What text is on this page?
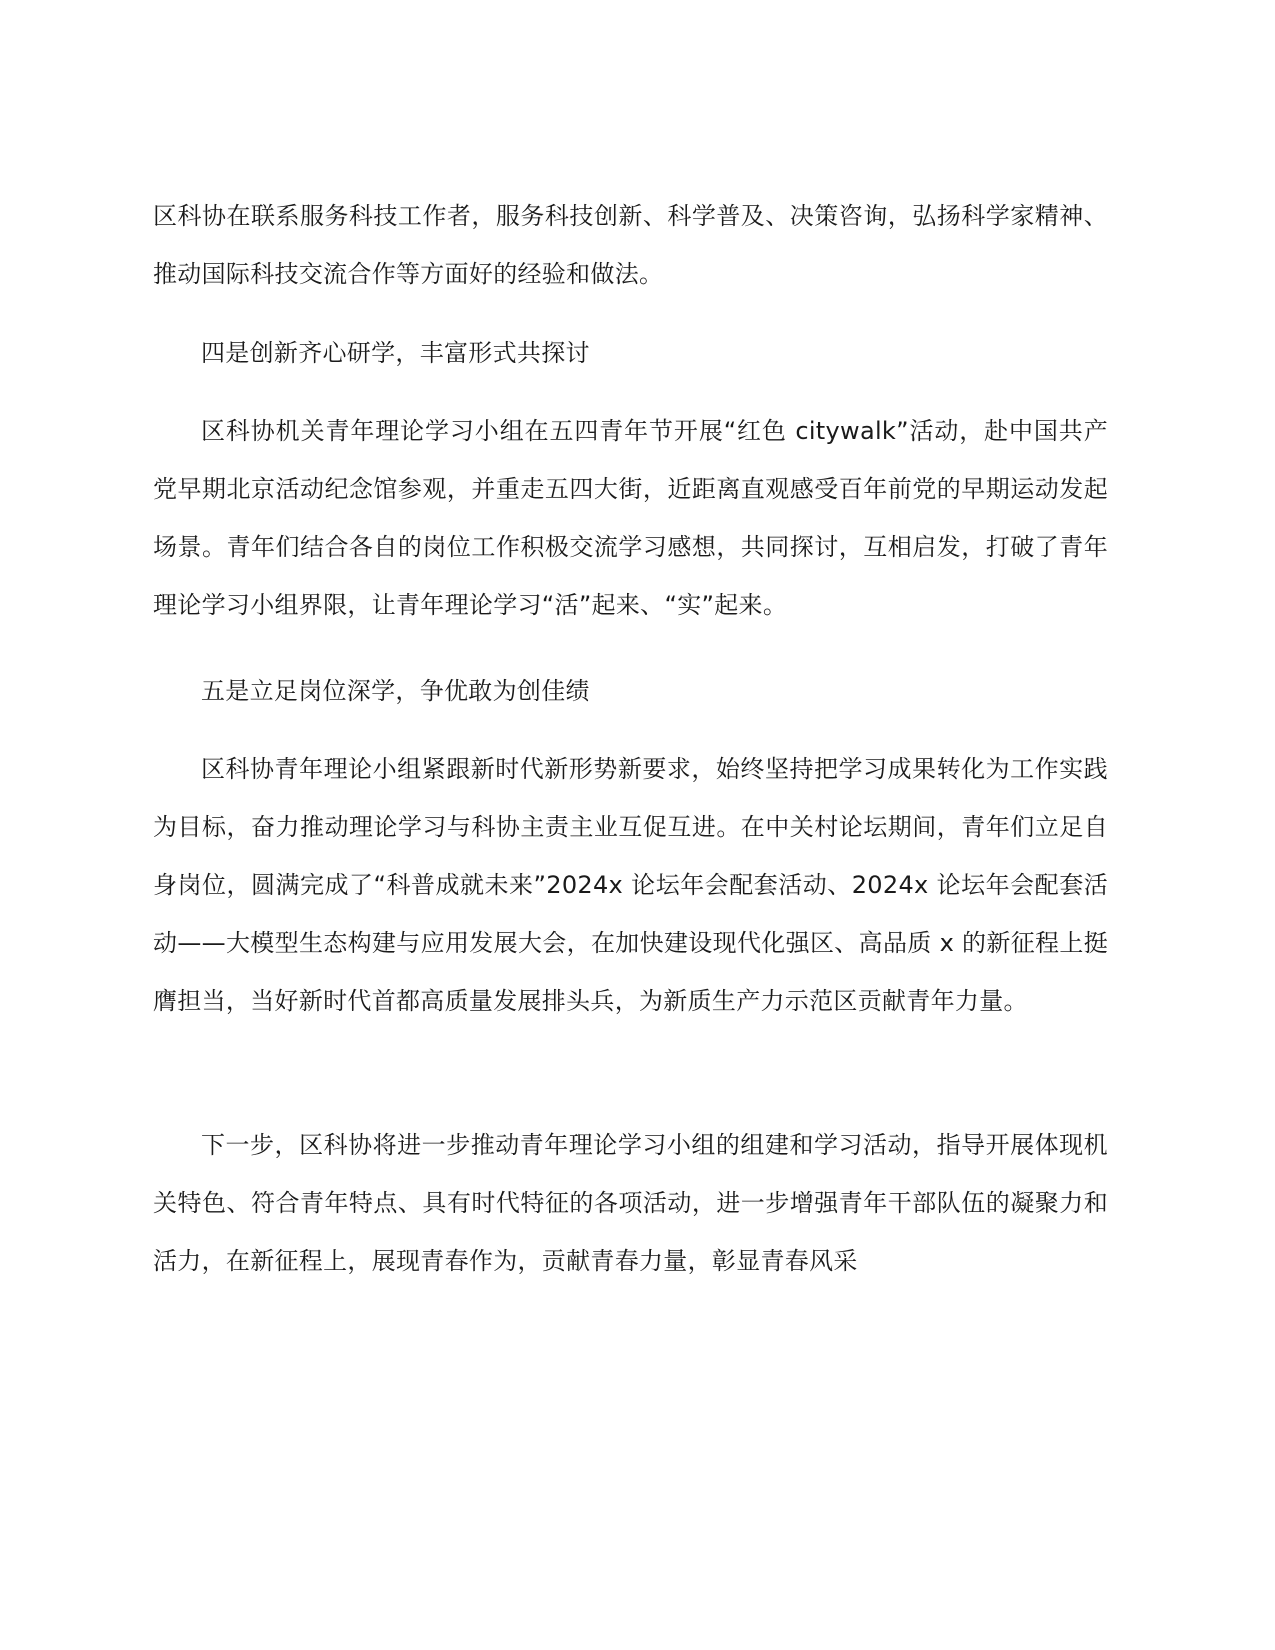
区科协在联系服务科技工作者，服务科技创新、科学普及、决策咨询，弘扬科学家精神、推动国际科技交流合作等方面好的经验和做法。

四是创新齐心研学，丰富形式共探讨

区科协机关青年理论学习小组在五四青年节开展“红色 citywalk”活动，赴中国共产党早期北京活动纪念馆参观，并重走五四大街，近距离直观感受百年前党的早期运动发起场景。青年们结合各自的岗位工作积极交流学习感想，共同探讨，互相启发，打破了青年理论学习小组界限，让青年理论学习“活”起来、“实”起来。

五是立足岗位深学，争优敢为创佳绩

区科协青年理论小组紧跟新时代新形势新要求，始终坚持把学习成果转化为工作实践为目标，奋力推动理论学习与科协主责主业互促互进。在中关村论坛期间，青年们立足自身岗位，圆满完成了“科普成就未来”2024x 论坛年会配套活动、2024x 论坛年会配套活动——大模型生态构建与应用发展大会，在加快建设现代化强区、高品质 x 的新征程上挺膺担当，当好新时代首都高质量发展排头兵，为新质生产力示范区贡献青年力量。

下一步，区科协将进一步推动青年理论学习小组的组建和学习活动，指导开展体现机关特色、符合青年特点、具有时代特征的各项活动，进一步增强青年干部队伍的凝聚力和活力，在新征程上，展现青春作为，贡献青春力量，彰显青春风采
